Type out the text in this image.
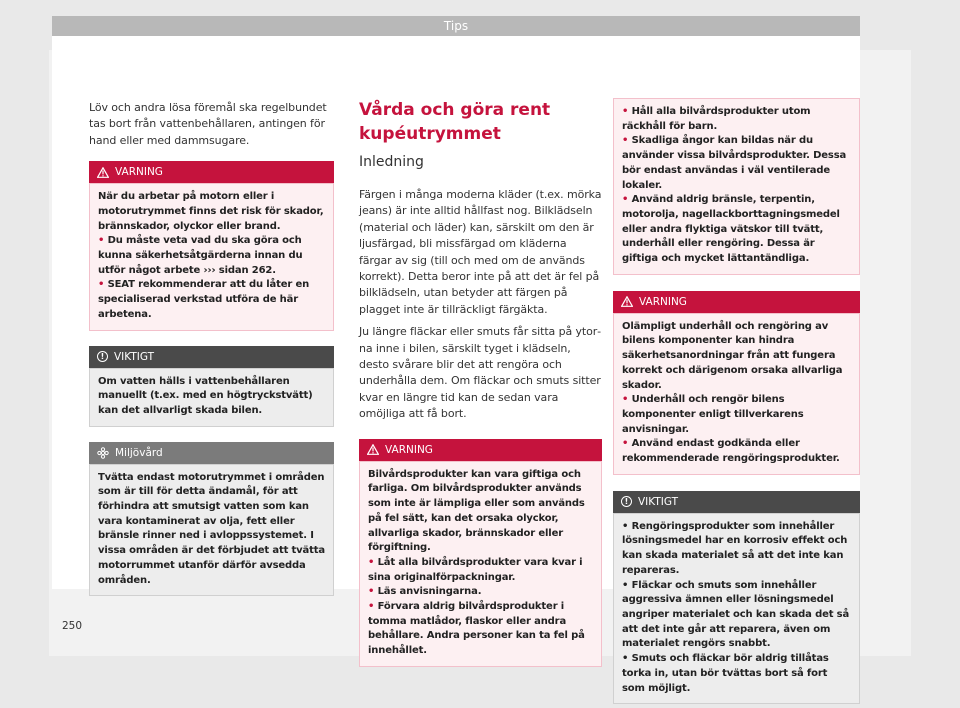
Tips

Löv och andra lösa föremål ska regelbundet tas bort från vattenbehållaren, antingen för hand eller med dammsugare.

VARNING

När du arbetar på motorn eller i motorutrymmet finns det risk för skador, brännskador, olyckor eller brand.

• Du måste veta vad du ska göra och kunna säkerhetsåtgärderna innan du utför något arbete ››› sidan 262.

• SEAT rekommenderar att du låter en specialiserad verkstad utföra de här arbetena.

! VIKTIGT

Om vatten hälls i vattenbehållaren manuellt (t.ex. med en högtryckstvätt) kan det allvarligt skada bilen.

Miljövård

Tvätta endast motorutrymmet i områden som är till för detta ändamål, för att förhindra att smutsigt vatten som kan vara kontaminerat av olja, fett eller bränsle rinner ned i avloppssystemet. I vissa områden är det förbjudet att tvätta motorrummet utanför därför avsedda områden.

Vårda och göra rent kupéutrymmet
Inledning

Färgen i många moderna kläder (t.ex. mörka jeans) är inte alltid hållfast nog. Bilklädseln (material och läder) kan, särskilt om den är ljusfärgad, bli missfärgad om kläderna färgar av sig (till och med om de används korrekt). Detta beror inte på att det är fel på bilklädseln, utan betyder att färgen på plagget inte är tillräckligt färgäkta.

Ju längre fläckar eller smuts får sitta på ytorna inne i bilen, särskilt tyget i klädseln, desto svårare blir det att rengöra och underhålla dem. Om fläckar och smuts sitter kvar en längre tid kan de sedan vara omöjliga att få bort.

VARNING

Bilvårdsprodukter kan vara giftiga och farliga. Om bilvårdsprodukter används som inte är lämpliga eller som används på fel sätt, kan det orsaka olyckor, allvarliga skador, brännskador eller förgiftning.

• Låt alla bilvårdsprodukter vara kvar i sina originalförpackningar.

• Läs anvisningarna.

• Förvara aldrig bilvårdsprodukter i tomma matlådor, flaskor eller andra behållare. Andra personer kan ta fel på innehållet.

• Håll alla bilvårdsprodukter utom räckhåll för barn.

• Skadliga ångor kan bildas när du använder vissa bilvårdsprodukter. Dessa bör endast användas i väl ventilerade lokaler.

• Använd aldrig bränsle, terpentin, motorolja, nagellackborttagningsmedel eller andra flyktiga vätskor till tvätt, underhåll eller rengöring. Dessa är giftiga och mycket lättantändliga.

VARNING

Olämpligt underhåll och rengöring av bilens komponenter kan hindra säkerhetsanordningar från att fungera korrekt och därigenom orsaka allvarliga skador.

• Underhåll och rengör bilens komponenter enligt tillverkarens anvisningar.

• Använd endast godkända eller rekommenderade rengöringsprodukter.

! VIKTIGT

• Rengöringsprodukter som innehåller lösningsmedel har en korrosiv effekt och kan skada materialet så att det inte kan repareras.

• Fläckar och smuts som innehåller aggressiva ämnen eller lösningsmedel angriper materialet och kan skada det så att det inte går att reparera, även om materialet rengörs snabbt.

• Smuts och fläckar bör aldrig tillåtas torka in, utan bör tvättas bort så fort som möjligt.

250
